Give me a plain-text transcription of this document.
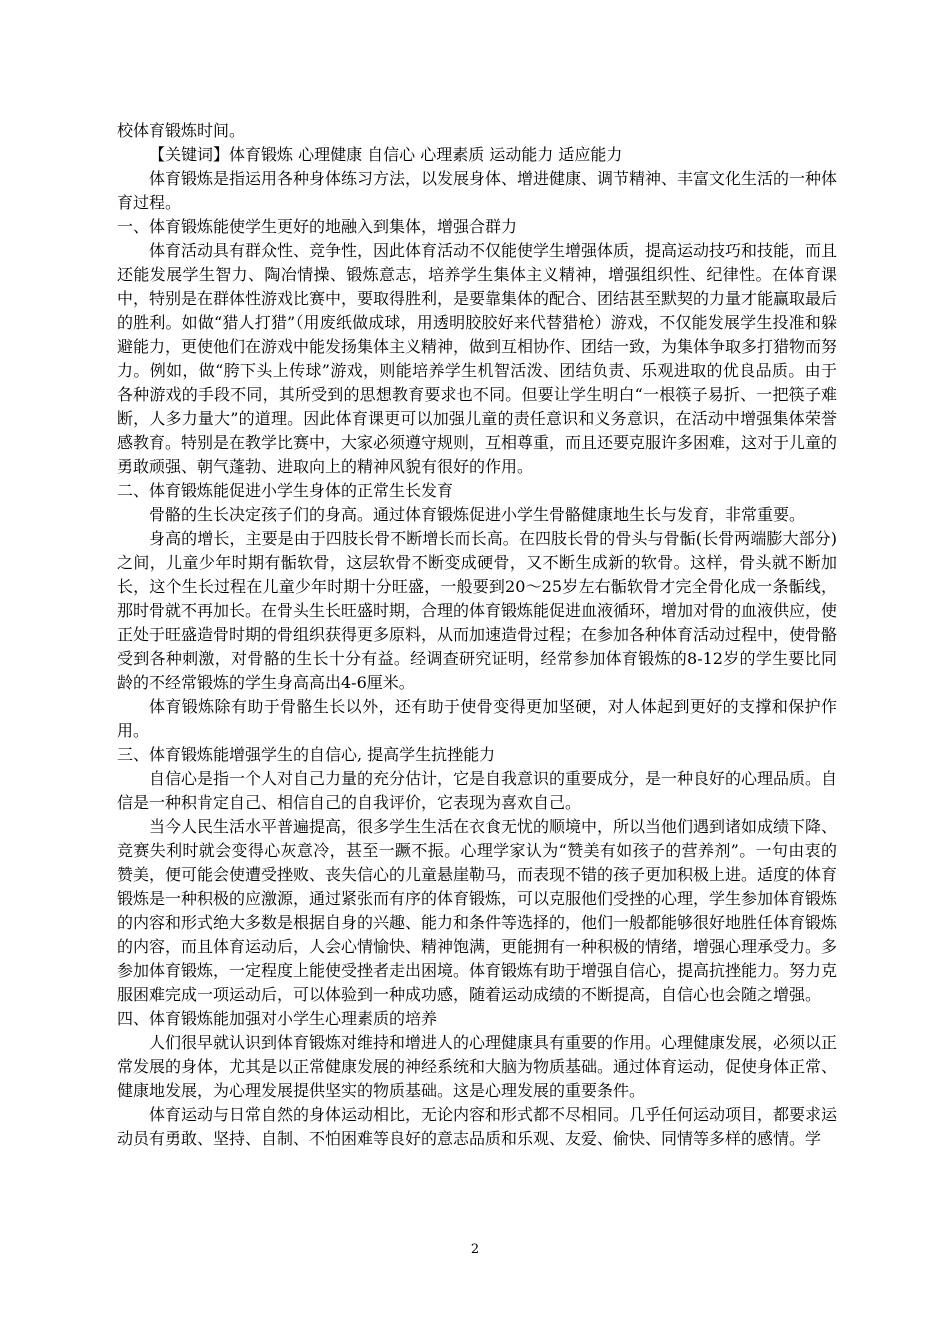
校体育锻炼时间。

【关键词】体育锻炼 心理健康 自信心 心理素质 运动能力 适应能力

体育锻炼是指运用各种身体练习方法，以发展身体、增进健康、调节精神、丰富文化生活的一种体育过程。

一、体育锻炼能使学生更好的地融入到集体，增强合群力

体育活动具有群众性、竞争性，因此体育活动不仅能使学生增强体质，提高运动技巧和技能，而且还能发展学生智力、陶冶情操、锻炼意志，培养学生集体主义精神，增强组织性、纪律性。在体育课中，特别是在群体性游戏比赛中，要取得胜利，是要靠集体的配合、团结甚至默契的力量才能赢取最后的胜利。如做“猎人打猎”（用废纸做成球，用透明胶胶好来代替猎枪）游戏，不仅能发展学生投准和躲避能力，更使他们在游戏中能发扬集体主义精神，做到互相协作、团结一致，为集体争取多打猎物而努力。例如，做“胯下头上传球”游戏，则能培养学生机智活泼、团结负责、乐观进取的优良品质。由于各种游戏的手段不同，其所受到的思想教育要求也不同。但要让学生明白“一根筷子易折、一把筷子难断，人多力量大”的道理。因此体育课更可以加强儿童的责任意识和义务意识，在活动中增强集体荣誉感教育。特别是在教学比赛中，大家必须遵守规则，互相尊重，而且还要克服许多困难，这对于儿童的勇敢顽强、朝气蓬勃、进取向上的精神风貌有很好的作用。

二、体育锻炼能促进小学生身体的正常生长发育

骨骼的生长决定孩子们的身高。通过体育锻炼促进小学生骨骼健康地生长与发育，非常重要。

身高的增长，主要是由于四肢长骨不断增长而长高。在四肢长骨的骨头与骨骺(长骨两端膨大部分)之间，儿童少年时期有骺软骨，这层软骨不断变成硬骨，又不断生成新的软骨。这样，骨头就不断加长，这个生长过程在儿童少年时期十分旺盛，一般要到20～25岁左右骺软骨才完全骨化成一条骺线，那时骨就不再加长。在骨头生长旺盛时期，合理的体育锻炼能促进血液循环，增加对骨的血液供应，使正处于旺盛造骨时期的骨组织获得更多原料，从而加速造骨过程；在参加各种体育活动过程中，使骨骼受到各种刺激，对骨骼的生长十分有益。经调查研究证明，经常参加体育锻炼的8-12岁的学生要比同龄的不经常锻炼的学生身高高出4-6厘米。

体育锻炼除有助于骨骼生长以外，还有助于使骨变得更加坚硬，对人体起到更好的支撑和保护作用。

三、体育锻炼能增强学生的自信心, 提高学生抗挫能力

自信心是指一个人对自己力量的充分估计，它是自我意识的重要成分，是一种良好的心理品质。自信是一种积肯定自己、相信自己的自我评价，它表现为喜欢自己。

当今人民生活水平普遍提高，很多学生生活在衣食无忧的顺境中，所以当他们遇到诸如成绩下降、竞赛失利时就会变得心灰意冷，甚至一蹶不振。心理学家认为“赞美有如孩子的营养剂”。一句由衷的赞美，便可能会使遭受挫败、丧失信心的儿童悬崖勒马，而表现不错的孩子更加积极上进。适度的体育锻炼是一种积极的应激源，通过紧张而有序的体育锻炼，可以克服他们受挫的心理，学生参加体育锻炼的内容和形式绝大多数是根据自身的兴趣、能力和条件等选择的，他们一般都能够很好地胜任体育锻炼的内容，而且体育运动后，人会心情愉快、精神饱满，更能拥有一种积极的情绪，增强心理承受力。多参加体育锻炼，一定程度上能使受挫者走出困境。体育锻炼有助于增强自信心，提高抗挫能力。努力克服困难完成一项运动后，可以体验到一种成功感，随着运动成绩的不断提高，自信心也会随之增强。

四、体育锻炼能加强对小学生心理素质的培养

人们很早就认识到体育锻炼对维持和增进人的心理健康具有重要的作用。心理健康发展，必须以正常发展的身体，尤其是以正常健康发展的神经系统和大脑为物质基础。通过体育运动，促使身体正常、健康地发展，为心理发展提供坚实的物质基础。这是心理发展的重要条件。

体育运动与日常自然的身体运动相比，无论内容和形式都不尽相同。几乎任何运动项目，都要求运动员有勇敢、坚持、自制、不怕困难等良好的意志品质和乐观、友爱、偷快、同情等多样的感情。学

2
